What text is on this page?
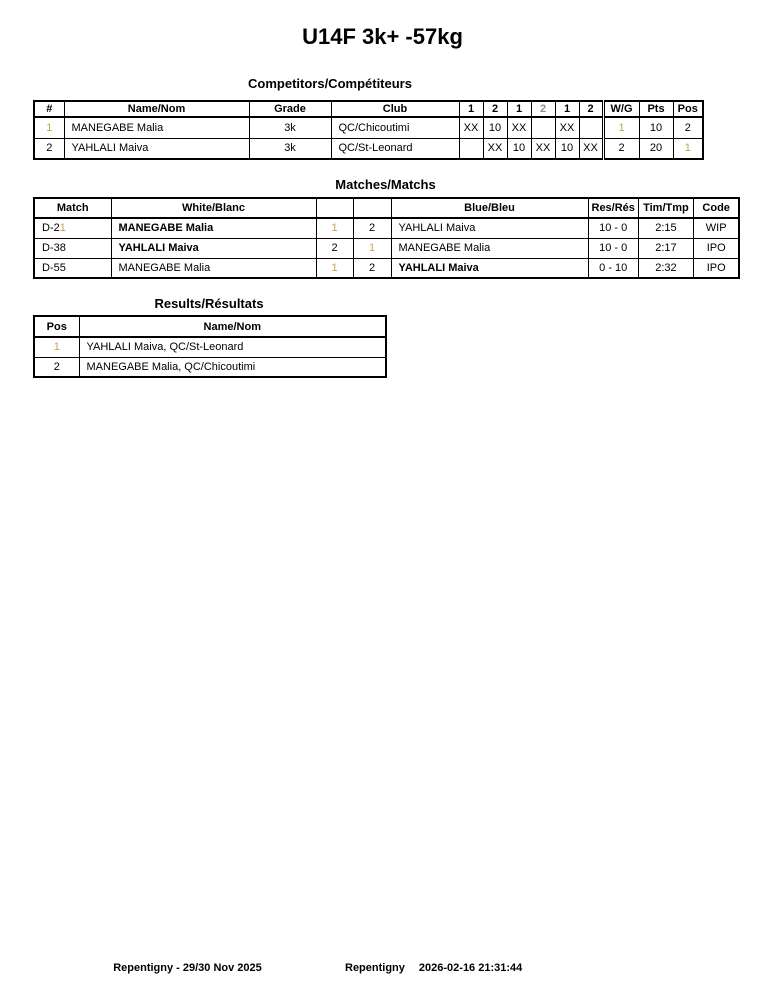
U14F 3k+ -57kg
Competitors/Compétiteurs
#	Name/Nom	Grade	Club	1	2	1	2	1	2	W/G	Pts	Pos
1	MANEGABE Malia	3k	QC/Chicoutimi	XX	10	XX		XX		1	10	2
2	YAHLALI Maiva	3k	QC/St-Leonard		XX	10	XX	10	XX	2	20	1
Matches/Matchs
Match	White/Blanc			Blue/Bleu	Res/Rés	Tim/Tmp	Code
D-21	MANEGABE Malia	1	2	YAHLALI Maiva	10 - 0	2:15	WIP
D-38	YAHLALI Maiva	2	1	MANEGABE Malia	10 - 0	2:17	IPO
D-55	MANEGABE Malia	1	2	YAHLALI Maiva	0 - 10	2:32	IPO
Results/Résultats
Pos	Name/Nom
1	YAHLALI Maiva, QC/St-Leonard
2	MANEGABE Malia, QC/Chicoutimi
Repentigny - 29/30 Nov 2025	Repentigny 2026-02-16 21:31:44
